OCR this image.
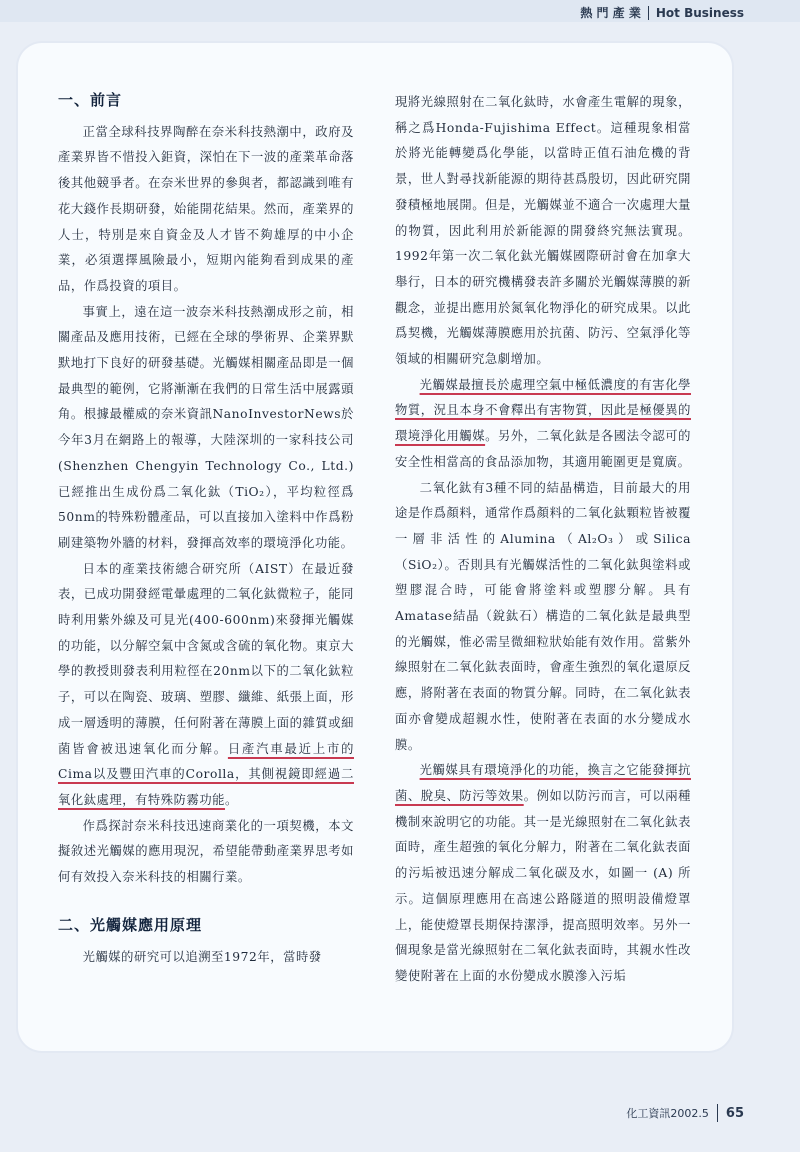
熱 門 產 業 Hot Business
一、前言

正當全球科技界陶醉在奈米科技熱潮中，政府及產業界皆不惜投入鉅資，深怕在下一波的產業革命落後其他競爭者。在奈米世界的參與者，都認識到唯有花大錢作長期研發，始能開花結果。然而，產業界的人士，特別是來自資金及人才皆不夠雄厚的中小企業，必須選擇風險最小，短期內能夠看到成果的產品，作爲投資的項目。

事實上，遠在這一波奈米科技熱潮成形之前，相關產品及應用技術，已經在全球的學術界、企業界默默地打下良好的研發基礎。光觸媒相關產品即是一個最典型的範例，它將漸漸在我們的日常生活中展露頭角。根據最權威的奈米資訊NanoInvestorNews於今年3月在網路上的報導，大陸深圳的一家科技公司(Shenzhen Chengyin Technology Co., Ltd.)已經推出生成份爲二氧化鈦（TiO₂），平均粒徑爲50nm的特殊粉體產品，可以直接加入塗料中作爲粉刷建築物外牆的材料，發揮高效率的環境淨化功能。

日本的產業技術總合研究所（AIST）在最近發表，已成功開發經電暈處理的二氧化鈦微粒子，能同時利用紫外線及可見光(400-600nm)來發揮光觸媒的功能，以分解空氣中含氮或含硫的氧化物。東京大學的教授則發表利用粒徑在20nm以下的二氧化鈦粒子，可以在陶瓷、玻璃、塑膠、纖維、紙張上面，形成一層透明的薄膜，任何附著在薄膜上面的雜質或細菌皆會被迅速氧化而分解。日產汽車最近上市的Cima以及豐田汽車的Corolla，其側視鏡即經過二氧化鈦處理，有特殊防霧功能。

作爲探討奈米科技迅速商業化的一項契機，本文擬敘述光觸媒的應用現況，希望能帶動產業界思考如何有效投入奈米科技的相關行業。

二、光觸媒應用原理

光觸媒的研究可以追溯至1972年，當時發

現將光線照射在二氧化鈦時，水會產生電解的現象，稱之爲Honda-Fujishima Effect。這種現象相當於將光能轉變爲化學能，以當時正值石油危機的背景，世人對尋找新能源的期待甚爲殷切，因此研究開發積極地展開。但是，光觸媒並不適合一次處理大量的物質，因此利用於新能源的開發終究無法實現。1992年第一次二氧化鈦光觸媒國際研討會在加拿大舉行，日本的研究機構發表許多關於光觸媒薄膜的新觀念，並提出應用於氮氧化物淨化的研究成果。以此爲契機，光觸媒薄膜應用於抗菌、防污、空氣淨化等領域的相關研究急劇增加。

光觸媒最擅長於處理空氣中極低濃度的有害化學物質，況且本身不會釋出有害物質，因此是極優異的環境淨化用觸媒。另外，二氧化鈦是各國法令認可的安全性相當高的食品添加物，其適用範圍更是寬廣。

二氧化鈦有3種不同的結晶構造，目前最大的用途是作爲顏料，通常作爲顏料的二氧化鈦顆粒皆被覆一層非活性的Alumina（Al₂O₃）或Silica（SiO₂）。否則具有光觸媒活性的二氧化鈦與塗料或塑膠混合時，可能會將塗料或塑膠分解。具有Amatase結晶（銳鈦石）構造的二氧化鈦是最典型的光觸媒，惟必需呈微細粒狀始能有效作用。當紫外線照射在二氧化鈦表面時，會產生強烈的氧化還原反應，將附著在表面的物質分解。同時，在二氧化鈦表面亦會變成超親水性，使附著在表面的水分變成水膜。

光觸媒具有環境淨化的功能，換言之它能發揮抗菌、脫臭、防污等效果。例如以防污而言，可以兩種機制來說明它的功能。其一是光線照射在二氧化鈦表面時，產生超強的氧化分解力，附著在二氧化鈦表面的污垢被迅速分解成二氧化碳及水，如圖一 (A) 所示。這個原理應用在高速公路隧道的照明設備燈罩上，能使燈罩長期保持潔淨，提高照明效率。另外一個現象是當光線照射在二氧化鈦表面時，其親水性改變使附著在上面的水份變成水膜滲入污垢

化工資訊2002.5 65
